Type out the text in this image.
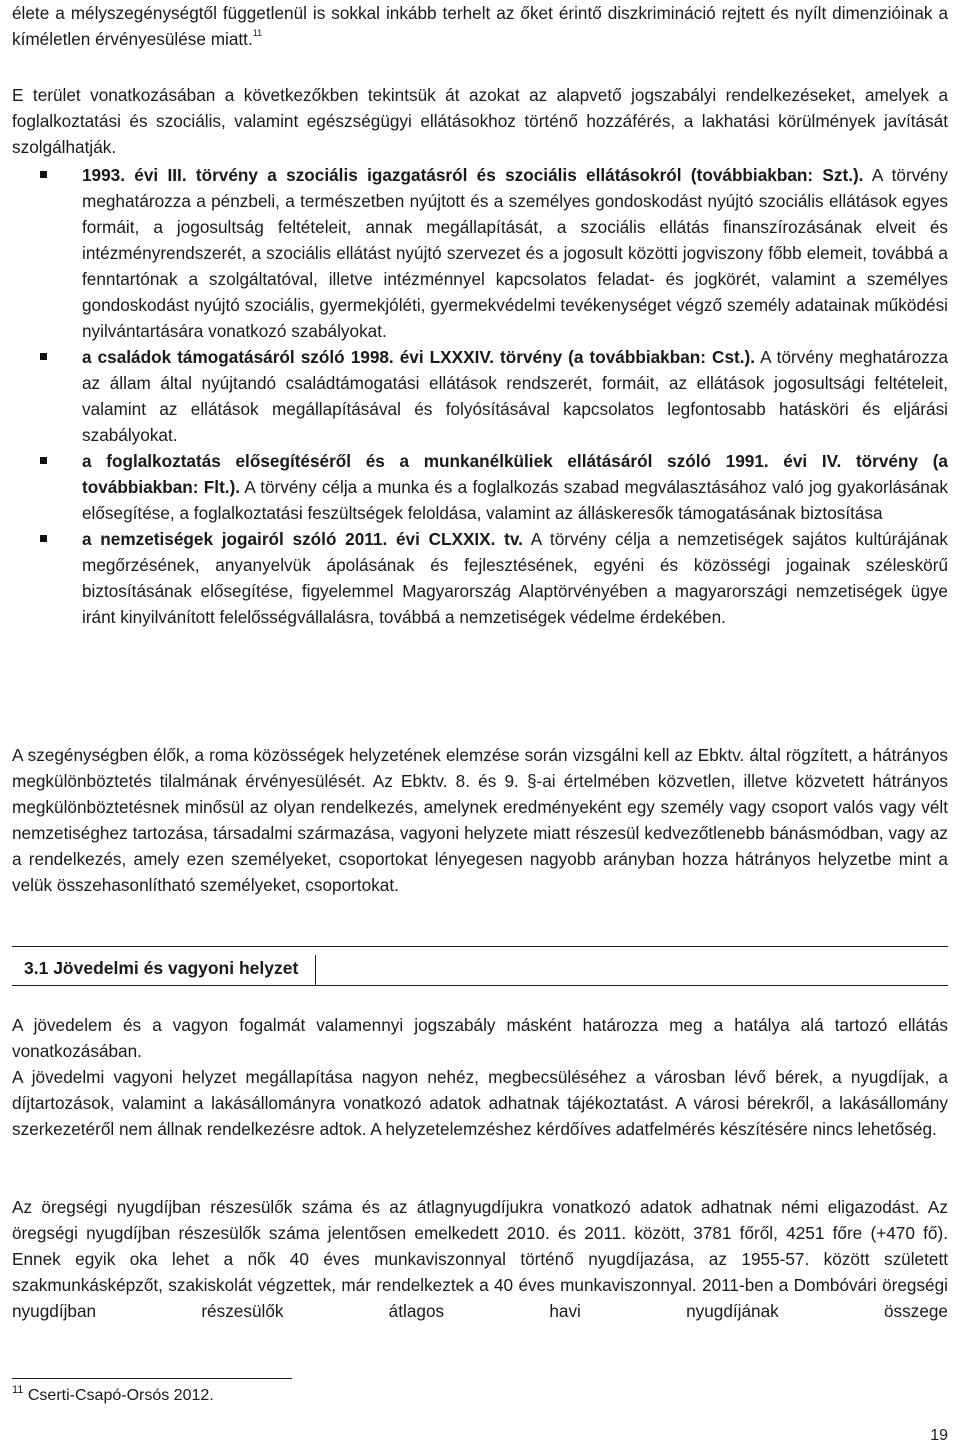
élete a mélyszegénységtől függetlenül is sokkal inkább terhelt az őket érintő diszkrimináció rejtett és nyílt dimenzióinak a kíméletlen érvényesülése miatt.$^{11}$

E terület vonatkozásában a következőkben tekintsük át azokat az alapvető jogszabályi rendelkezéseket, amelyek a foglalkoztatási és szociális, valamint egészségügyi ellátásokhoz történő hozzáférés, a lakhatási körülmények javítását szolgálhatják.

1993. évi III. törvény a szociális igazgatásról és szociális ellátásokról (továbbiakban: Szt.). A törvény meghatározza a pénzbeli, a természetben nyújtott és a személyes gondoskodást nyújtó szociális ellátások egyes formáit, a jogosultság feltételeit, annak megállapítását, a szociális ellátás finanszírozásának elveit és intézményrendszerét, a szociális ellátást nyújtó szervezet és a jogosult közötti jogviszony főbb elemeit, továbbá a fenntartónak a szolgáltatóval, illetve intézménnyel kapcsolatos feladat- és jogkörét, valamint a személyes gondoskodást nyújtó szociális, gyermekjóléti, gyermekvédelmi tevékenységet végző személy adatainak működési nyilvántartására vonatkozó szabályokat.

a családok támogatásáról szóló 1998. évi LXXXIV. törvény (a továbbiakban: Cst.). A törvény meghatározza az állam által nyújtandó családtámogatási ellátások rendszerét, formáit, az ellátások jogosultsági feltételeit, valamint az ellátások megállapításával és folyósításával kapcsolatos legfontosabb hatásköri és eljárási szabályokat.

a foglalkoztatás elősegítéséről és a munkanélküliek ellátásáról szóló 1991. évi IV. törvény (a továbbiakban: Flt.). A törvény célja a munka és a foglalkozás szabad megválasztásához való jog gyakorlásának elősegítése, a foglalkoztatási feszültségek feloldása, valamint az álláskeresők támogatásának biztosítása

a nemzetiségek jogairól szóló 2011. évi CLXXIX. tv. A törvény célja a nemzetiségek sajátos kultúrájának megőrzésének, anyanyelvük ápolásának és fejlesztésének, egyéni és közösségi jogainak széleskörű biztosításának elősegítése, figyelemmel Magyarország Alaptörvényében a magyarországi nemzetiségek ügye iránt kinyilvánított felelősségvállalásra, továbbá a nemzetiségek védelme érdekében.

A szegénységben élők, a roma közösségek helyzetének elemzése során vizsgálni kell az Ebktv. által rögzített, a hátrányos megkülönböztetés tilalmának érvényesülését. Az Ebktv. 8. és 9. §-ai értelmében közvetlen, illetve közvetett hátrányos megkülönböztetésnek minősül az olyan rendelkezés, amelynek eredményeként egy személy vagy csoport valós vagy vélt nemzetiséghez tartozása, társadalmi származása, vagyoni helyzete miatt részesül kedvezőtlenebb bánásmódban, vagy az a rendelkezés, amely ezen személyeket, csoportokat lényegesen nagyobb arányban hozza hátrányos helyzetbe mint a velük összehasonlítható személyeket, csoportokat.

3.1 Jövedelmi és vagyoni helyzet

A jövedelem és a vagyon fogalmát valamennyi jogszabály másként határozza meg a hatálya alá tartozó ellátás vonatkozásában.

A jövedelmi vagyoni helyzet megállapítása nagyon nehéz, megbecsüléséhez a városban lévő bérek, a nyugdíjak, a díjtartozások, valamint a lakásállományra vonatkozó adatok adhatnak tájékoztatást. A városi bérekről, a lakásállomány szerkezetéről nem állnak rendelkezésre adtok. A helyzetelemzéshez kérdőíves adatfelmérés készítésére nincs lehetőség.

Az öregségi nyugdíjban részesülők száma és az átlagnyugdíjukra vonatkozó adatok adhatnak némi eligazodást. Az öregségi nyugdíjban részesülők száma jelentősen emelkedett 2010. és 2011. között, 3781 főről, 4251 főre (+470 fő). Ennek egyik oka lehet a nők 40 éves munkaviszonnyal történő nyugdíjazása, az 1955-57. között született szakmunkásképzőt, szakiskolát végzettek, már rendelkeztek a 40 éves munkaviszonnyal. 2011-ben a Dombóvári öregségi nyugdíjban részesülők átlagos havi nyugdíjának összege

$^{11}$ Cserti-Csapó-Orsós 2012.
19
